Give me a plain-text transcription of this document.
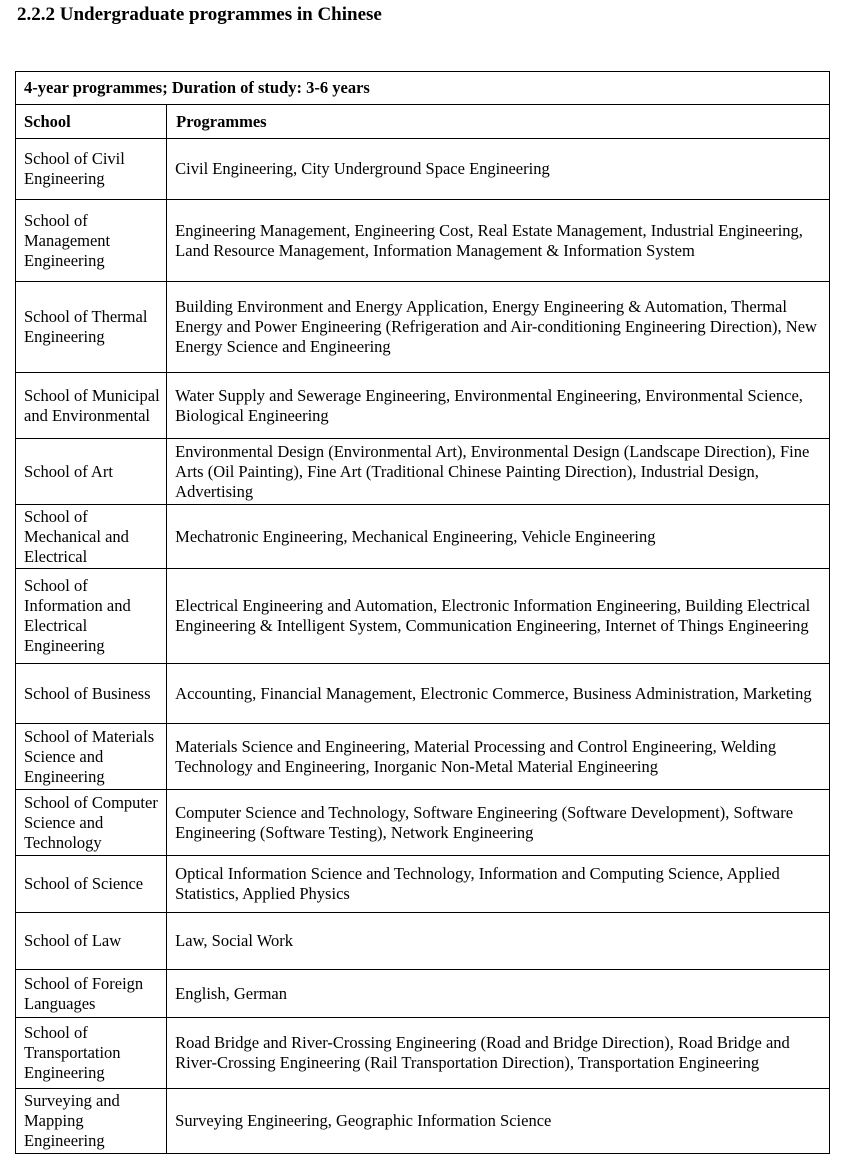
2.2.2 Undergraduate programmes in Chinese
4-year programmes; Duration of study: 3-6 years	
School	Programmes
School of Civil Engineering	Civil Engineering, City Underground Space Engineering
School of Management Engineering	Engineering Management, Engineering Cost, Real Estate Management, Industrial Engineering, Land Resource Management, Information Management & Information System
School of Thermal Engineering	Building Environment and Energy Application, Energy Engineering & Automation, Thermal Energy and Power Engineering (Refrigeration and Air-conditioning Engineering Direction), New Energy Science and Engineering
School of Municipal and Environmental	Water Supply and Sewerage Engineering, Environmental Engineering, Environmental Science, Biological Engineering
School of Art	Environmental Design (Environmental Art), Environmental Design (Landscape Direction), Fine Arts (Oil Painting), Fine Art (Traditional Chinese Painting Direction), Industrial Design, Advertising
School of Mechanical and Electrical	Mechatronic Engineering, Mechanical Engineering, Vehicle Engineering
School of Information and Electrical Engineering	Electrical Engineering and Automation, Electronic Information Engineering, Building Electrical Engineering & Intelligent System, Communication Engineering, Internet of Things Engineering
School of Business	Accounting, Financial Management, Electronic Commerce, Business Administration, Marketing
School of Materials Science and Engineering	Materials Science and Engineering, Material Processing and Control Engineering, Welding Technology and Engineering, Inorganic Non-Metal Material Engineering
School of Computer Science and Technology	Computer Science and Technology, Software Engineering (Software Development), Software Engineering (Software Testing), Network Engineering
School of Science	Optical Information Science and Technology, Information and Computing Science, Applied Statistics, Applied Physics
School of Law	Law, Social Work
School of Foreign Languages	English, German
School of Transportation Engineering	Road Bridge and River-Crossing Engineering (Road and Bridge Direction), Road Bridge and River-Crossing Engineering (Rail Transportation Direction), Transportation Engineering
Surveying and Mapping Engineering	Surveying Engineering, Geographic Information Science
